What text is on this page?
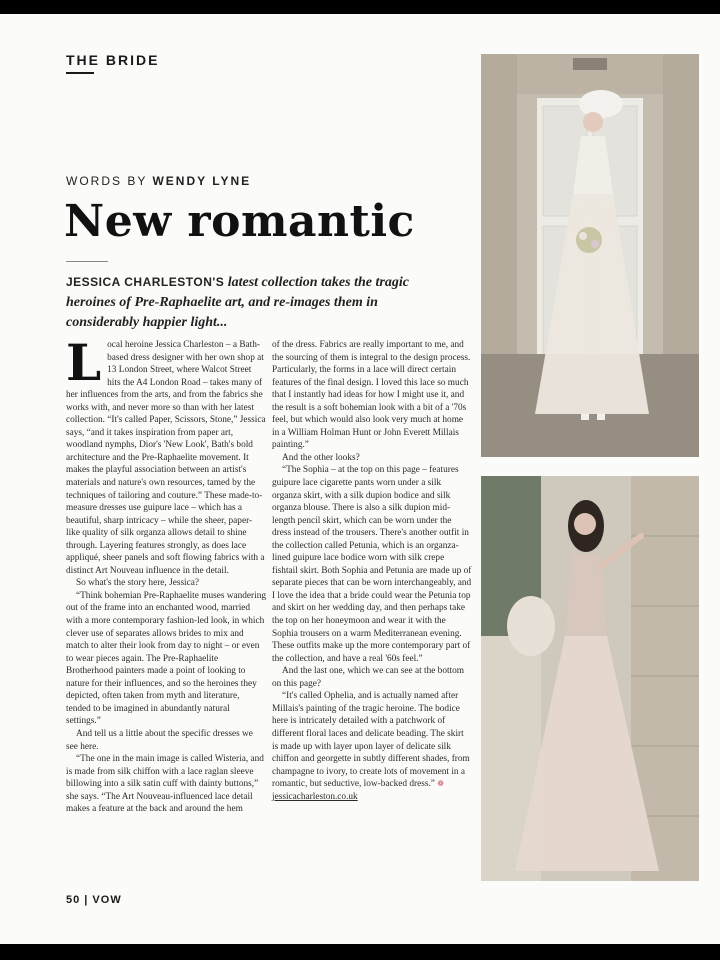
THE BRIDE
WORDS BY WENDY LYNE
New romantic
JESSICA CHARLESTON'S latest collection takes the tragic heroines of Pre-Raphaelite art, and re-images them in considerably happier light...

Local heroine Jessica Charleston – a Bath-based dress designer with her own shop at 13 London Street, where Walcot Street hits the A4 London Road – takes many of her influences from the arts, and from the fabrics she works with, and never more so than with her latest collection. “It's called Paper, Scissors, Stone,” Jessica says, “and it takes inspiration from paper art, woodland nymphs, Dior's 'New Look', Bath's bold architecture and the Pre-Raphaelite movement. It makes the playful association between an artist's materials and nature's own resources, tamed by the techniques of tailoring and couture.” These made-to-measure dresses use guipure lace – which has a beautiful, sharp intricacy – while the sheer, paper-like quality of silk organza allows detail to shine through. Layering features strongly, as does lace appliqué, sheer panels and soft flowing fabrics with a distinct Art Nouveau influence in the detail.

So what's the story here, Jessica?

“Think bohemian Pre-Raphaelite muses wandering out of the frame into an enchanted wood, married with a more contemporary fashion-led look, in which clever use of separates allows brides to mix and match to alter their look from day to night – or even to wear pieces again. The Pre-Raphaelite Brotherhood painters made a point of looking to nature for their influences, and so the heroines they depicted, often taken from myth and literature, tended to be imagined in abundantly natural settings.”

And tell us a little about the specific dresses we see here.

“The one in the main image is called Wisteria, and is made from silk chiffon with a lace raglan sleeve billowing into a silk satin cuff with dainty buttons,” she says. “The Art Nouveau-influenced lace detail makes a feature at the back and around the hem

of the dress. Fabrics are really important to me, and the sourcing of them is integral to the design process. Particularly, the forms in a lace will direct certain features of the final design. I loved this lace so much that I instantly had ideas for how I might use it, and the result is a soft bohemian look with a bit of a '70s feel, but which would also look very much at home in a William Holman Hunt or John Everett Millais painting.”

And the other looks?

“The Sophia – at the top on this page – features guipure lace cigarette pants worn under a silk organza skirt, with a silk dupion bodice and silk organza blouse. There is also a silk dupion mid-length pencil skirt, which can be worn under the dress instead of the trousers. There's another outfit in the collection called Petunia, which is an organza-lined guipure lace bodice worn with silk crepe fishtail skirt. Both Sophia and Petunia are made up of separate pieces that can be worn interchangeably, and I love the idea that a bride could wear the Petunia top and skirt on her wedding day, and then perhaps take the top on her honeymoon and wear it with the Sophia trousers on a warm Mediterranean evening. These outfits make up the more contemporary part of the collection, and have a real '60s feel.”

And the last one, which we can see at the bottom on this page?

“It's called Ophelia, and is actually named after Millais's painting of the tragic heroine. The bodice here is intricately detailed with a patchwork of different floral laces and delicate beading. The skirt is made up with layer upon layer of delicate silk chiffon and georgette in subtly different shades, from champagne to ivory, to create lots of movement in a romantic, but seductive, low-backed dress.” ❁ jessicacharleston.co.uk

50 | VOW
